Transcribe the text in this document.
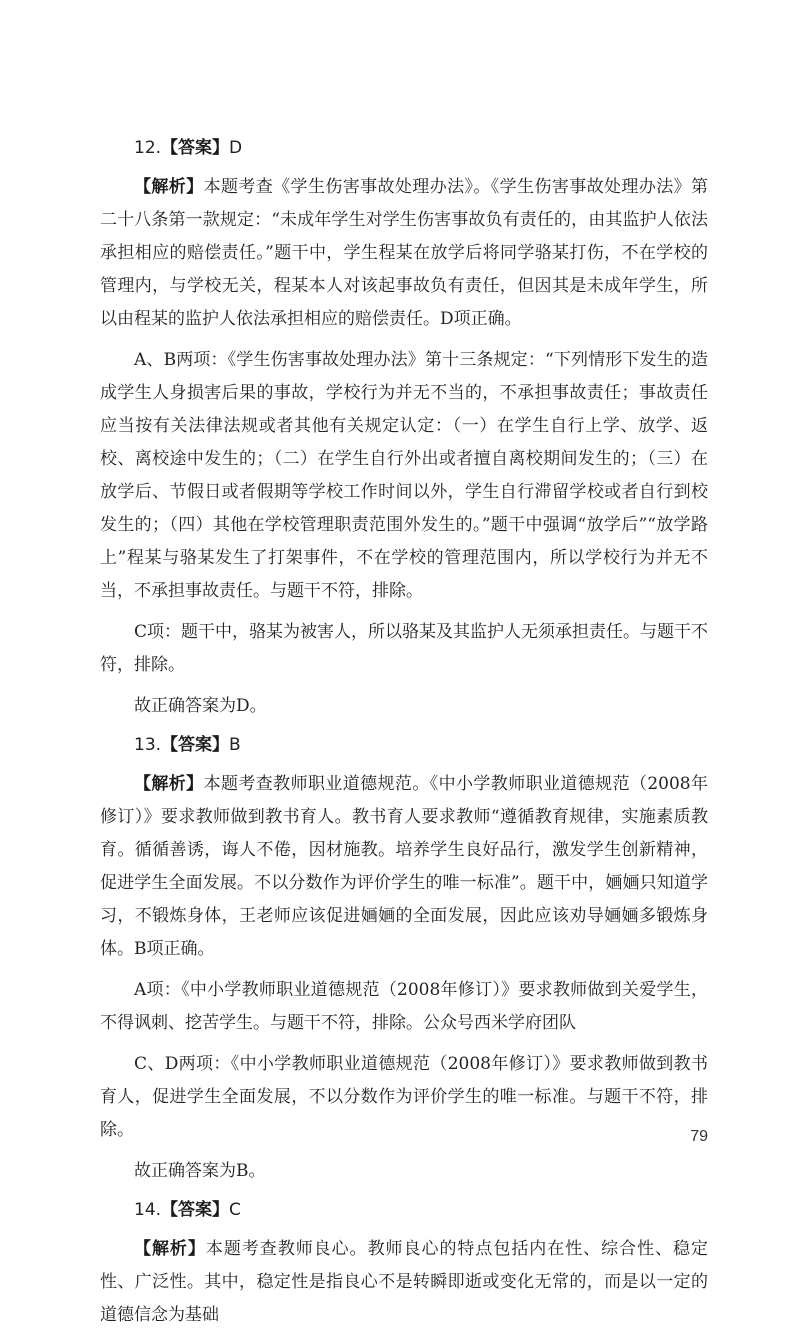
12.【答案】D

【解析】本题考查《学生伤害事故处理办法》。《学生伤害事故处理办法》第二十八条第一款规定：“未成年学生对学生伤害事故负有责任的，由其监护人依法承担相应的赔偿责任。”题干中，学生程某在放学后将同学骆某打伤，不在学校的管理内，与学校无关，程某本人对该起事故负有责任，但因其是未成年学生，所以由程某的监护人依法承担相应的赔偿责任。D项正确。

A、B两项：《学生伤害事故处理办法》第十三条规定：“下列情形下发生的造成学生人身损害后果的事故，学校行为并无不当的，不承担事故责任；事故责任应当按有关法律法规或者其他有关规定认定：（一）在学生自行上学、放学、返校、离校途中发生的；（二）在学生自行外出或者擅自离校期间发生的；（三）在放学后、节假日或者假期等学校工作时间以外，学生自行滞留学校或者自行到校发生的；（四）其他在学校管理职责范围外发生的。”题干中强调“放学后”“放学路上”程某与骆某发生了打架事件，不在学校的管理范围内，所以学校行为并无不当，不承担事故责任。与题干不符，排除。

C项：题干中，骆某为被害人，所以骆某及其监护人无须承担责任。与题干不符，排除。

故正确答案为D。

13.【答案】B

【解析】本题考查教师职业道德规范。《中小学教师职业道德规范（2008年修订）》要求教师做到教书育人。教书育人要求教师“遵循教育规律，实施素质教育。循循善诱，诲人不倦，因材施教。培养学生良好品行，激发学生创新精神，促进学生全面发展。不以分数作为评价学生的唯一标准”。题干中，婳婳只知道学习，不锻炼身体，王老师应该促进婳婳的全面发展，因此应该劝导婳婳多锻炼身体。B项正确。

A项：《中小学教师职业道德规范（2008年修订）》要求教师做到关爱学生，不得讽刺、挖苦学生。与题干不符，排除。公众号西米学府团队

C、D两项：《中小学教师职业道德规范（2008年修订）》要求教师做到教书育人，促进学生全面发展，不以分数作为评价学生的唯一标准。与题干不符，排除。

故正确答案为B。

14.【答案】C

【解析】本题考查教师良心。教师良心的特点包括内在性、综合性、稳定性、广泛性。其中，稳定性是指良心不是转瞬即逝或变化无常的，而是以一定的道德信念为基础

79
